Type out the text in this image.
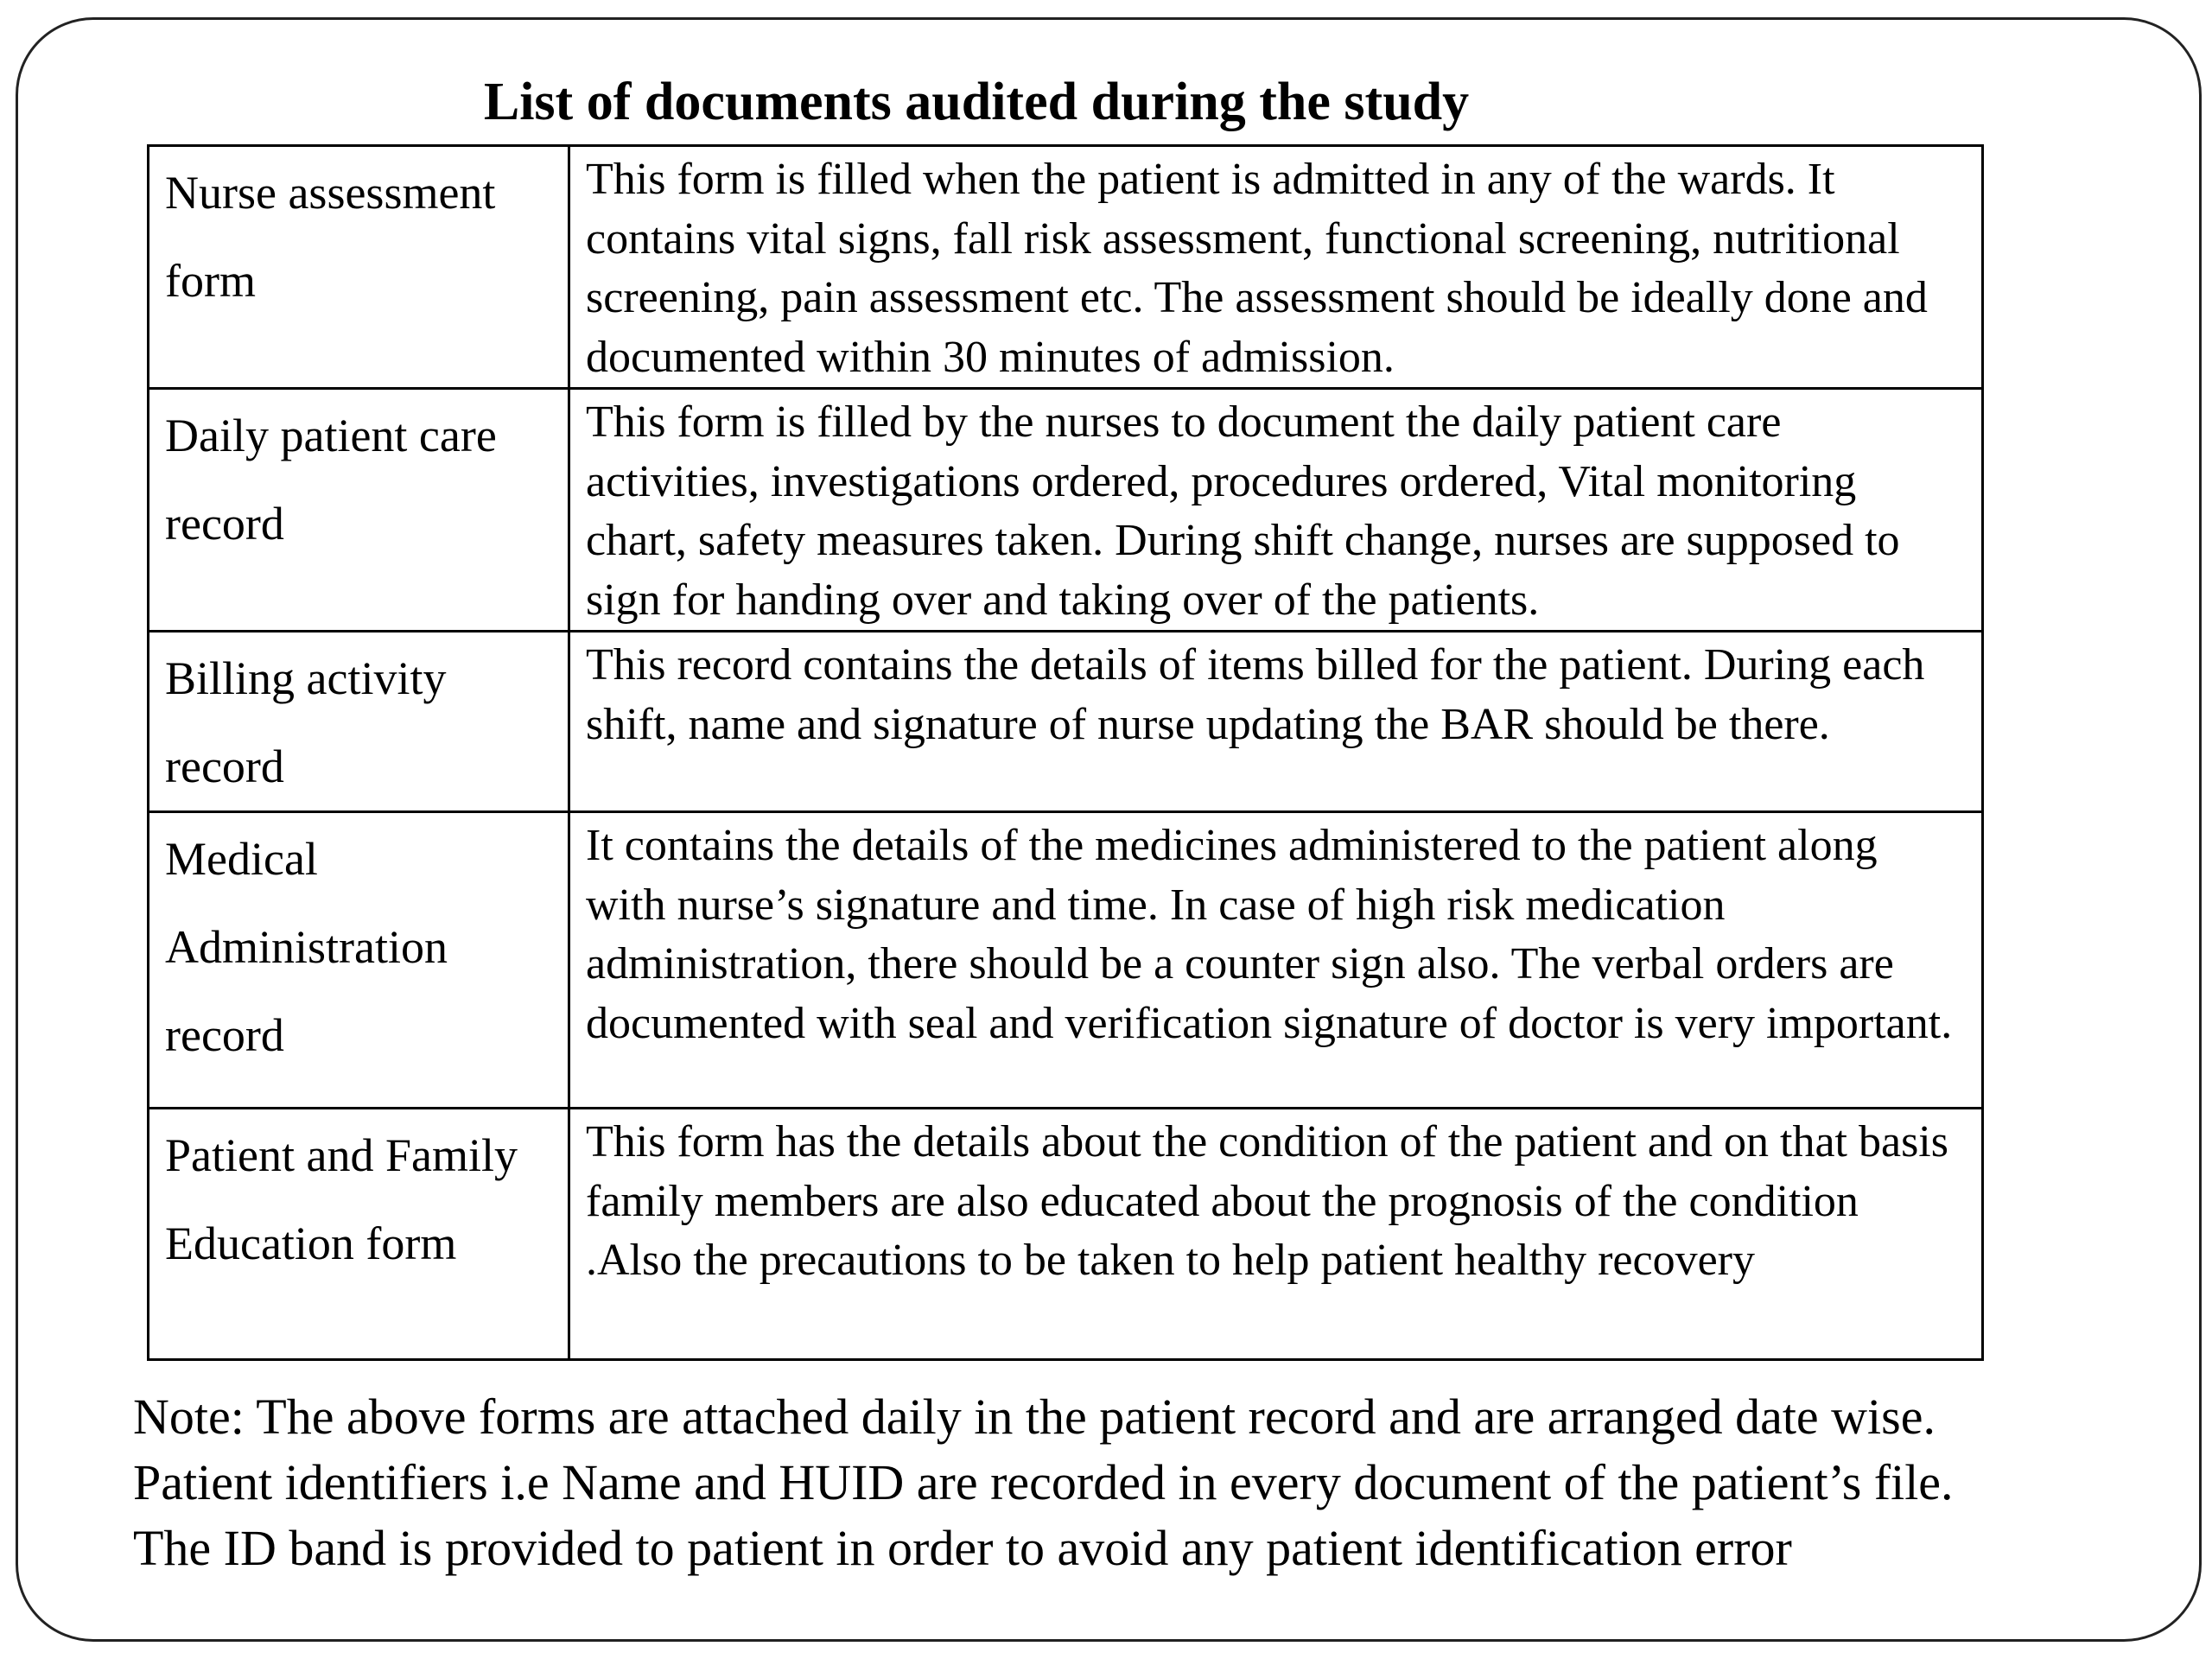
List of documents audited during the study
Nurse assessment form	This form is filled when the patient is admitted in any of the wards. It contains vital signs, fall risk assessment, functional screening, nutritional screening, pain assessment etc. The assessment should be ideally done and documented within 30 minutes of admission.
Daily patient care record	This form is filled by the nurses to document the daily patient care activities, investigations ordered, procedures ordered, Vital monitoring chart, safety measures taken. During shift change, nurses are supposed to sign for handing over and taking over of the patients.
Billing activity record	This record contains the details of items billed for the patient. During each shift, name and signature of nurse updating the BAR should be there.
Medical Administration record	It contains the details of the medicines administered to the patient along with nurse’s signature and time. In case of high risk medication administration, there should be a counter sign also. The verbal orders are documented with seal and verification signature of doctor is very important.
Patient and Family Education form	This form has the details about the condition of the patient and on that basis family members are also educated about the prognosis of the condition .Also the precautions to be taken to help patient healthy recovery

Note: The above forms are attached daily in the patient record and are arranged date wise. Patient identifiers i.e Name and HUID are recorded in every document of the patient’s file. The ID band is provided to patient in order to avoid any patient identification error
